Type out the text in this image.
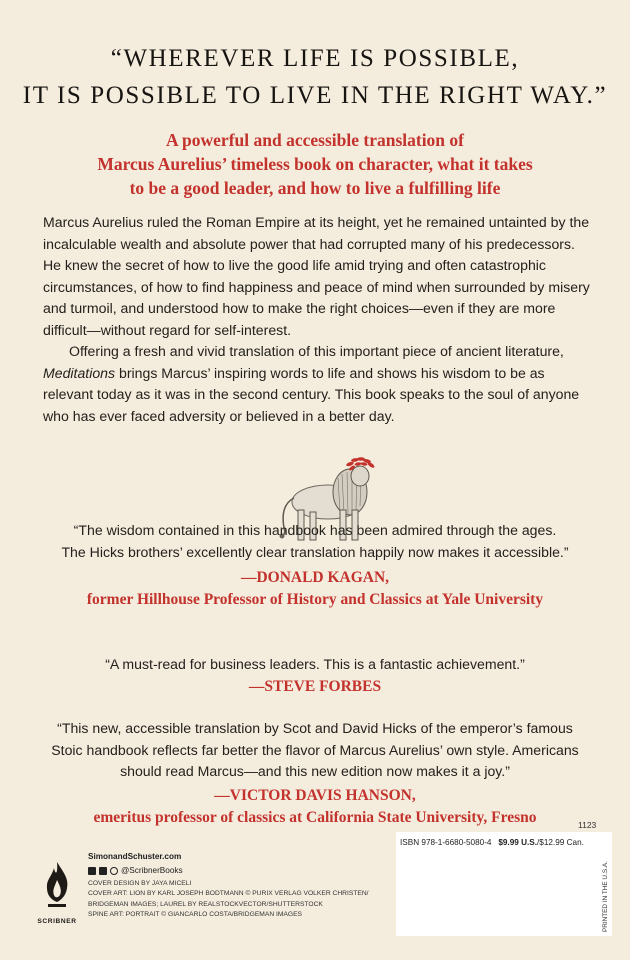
“WHEREVER LIFE IS POSSIBLE,
IT IS POSSIBLE TO LIVE IN THE RIGHT WAY.”
A powerful and accessible translation of
Marcus Aurelius’ timeless book on character, what it takes
to be a good leader, and how to live a fulfilling life

Marcus Aurelius ruled the Roman Empire at its height, yet he remained untainted by the incalculable wealth and absolute power that had corrupted many of his predecessors. He knew the secret of how to live the good life amid trying and often catastrophic circumstances, of how to find happiness and peace of mind when surrounded by misery and turmoil, and understood how to make the right choices—even if they are more difficult—without regard for self-interest.

Offering a fresh and vivid translation of this important piece of ancient literature, Meditations brings Marcus’ inspiring words to life and shows his wisdom to be as relevant today as it was in the second century. This book speaks to the soul of anyone who has ever faced adversity or believed in a better day.

“The wisdom contained in this handbook has been admired through the ages.
The Hicks brothers’ excellently clear translation happily now makes it accessible.”
—DONALD KAGAN,
former Hillhouse Professor of History and Classics at Yale University
“A must-read for business leaders. This is a fantastic achievement.”
—STEVE FORBES
“This new, accessible translation by Scot and David Hicks of the emperor’s famous
Stoic handbook reflects far better the flavor of Marcus Aurelius’ own style. Americans
should read Marcus—and this new edition now makes it a joy.”
—VICTOR DAVIS HANSON,
emeritus professor of classics at California State University, Fresno	1123
ISBN 978-1-6680-5080-4 $9.99 U.S./$12.99 Can.
PRINTED IN THE U.S.A.
SCRIBNER
SimonandSchuster.com
@ScribnerBooks
COVER DESIGN BY JAYA MICELI
COVER ART: LION BY KARL JOSEPH BODTMANN © PURIX VERLAG VOLKER CHRISTEN/
BRIDGEMAN IMAGES; LAUREL BY REALSTOCKVECTOR/SHUTTERSTOCK
SPINE ART: PORTRAIT © GIANCARLO COSTA/BRIDGEMAN IMAGES
